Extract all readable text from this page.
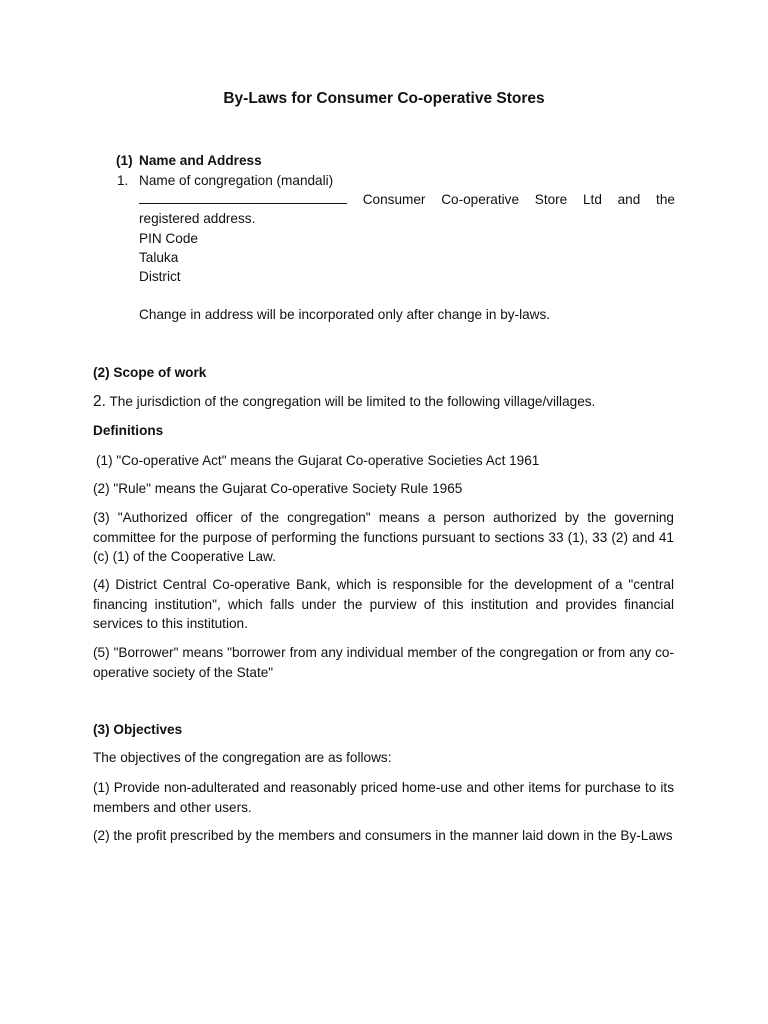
By-Laws for Consumer Co-operative Stores

(1) Name and Address

1. Name of congregation (mandali)

Consumer Co-operative Store Ltd and the

registered address.

PIN Code

Taluka

District

Change in address will be incorporated only after change in by-laws.

(2) Scope of work

2. The jurisdiction of the congregation will be limited to the following village/villages.

Definitions

(1) "Co-operative Act" means the Gujarat Co-operative Societies Act 1961

(2) "Rule" means the Gujarat Co-operative Society Rule 1965

(3) "Authorized officer of the congregation" means a person authorized by the governing committee for the purpose of performing the functions pursuant to sections 33 (1), 33 (2) and 41 (c) (1) of the Cooperative Law.

(4) District Central Co-operative Bank, which is responsible for the development of a "central financing institution", which falls under the purview of this institution and provides financial services to this institution.

(5) "Borrower" means "borrower from any individual member of the congregation or from any co-operative society of the State"

(3) Objectives

The objectives of the congregation are as follows:

(1) Provide non-adulterated and reasonably priced home-use and other items for purchase to its members and other users.

(2) the profit prescribed by the members and consumers in the manner laid down in the By-Laws
